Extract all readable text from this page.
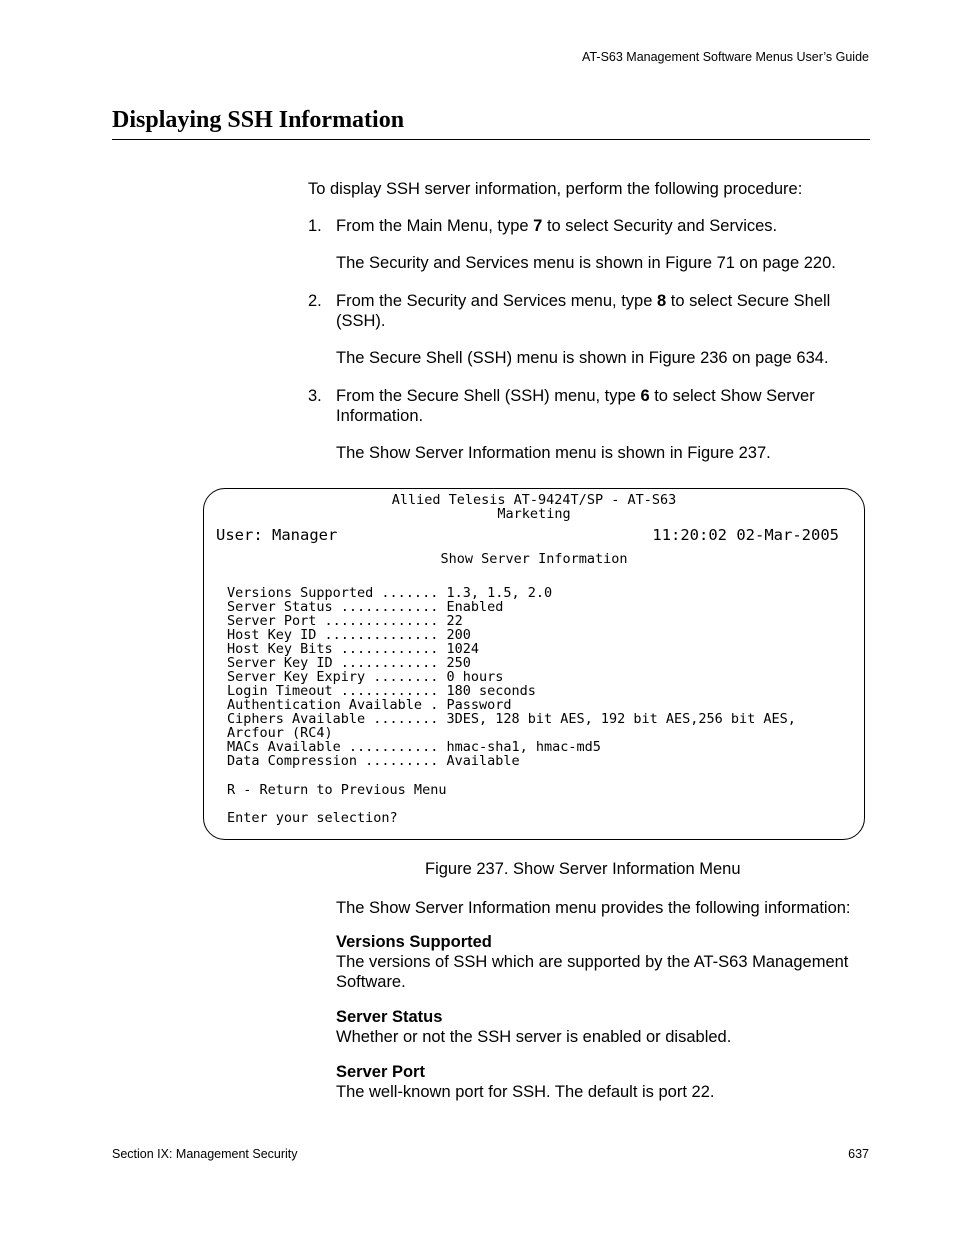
AT-S63 Management Software Menus User’s Guide
Displaying SSH Information
To display SSH server information, perform the following procedure:
1. From the Main Menu, type 7 to select Security and Services.
The Security and Services menu is shown in Figure 71 on page 220.
2. From the Security and Services menu, type 8 to select Secure Shell (SSH).
The Secure Shell (SSH) menu is shown in Figure 236 on page 634.
3. From the Secure Shell (SSH) menu, type 6 to select Show Server Information.
The Show Server Information menu is shown in Figure 237.
Allied Telesis AT-9424T/SP - AT-S63
Marketing
User: Manager	11:20:02 02-Mar-2005
Show Server Information
Versions Supported ....... 1.3, 1.5, 2.0
Server Status ............ Enabled
Server Port .............. 22
Host Key ID .............. 200
Host Key Bits ............ 1024
Server Key ID ............ 250
Server Key Expiry ........ 0 hours
Login Timeout ............ 180 seconds
Authentication Available . Password
Ciphers Available ........ 3DES, 128 bit AES, 192 bit AES,256 bit AES,
Arcfour (RC4)
MACs Available ........... hmac-sha1, hmac-md5
Data Compression ......... Available
R - Return to Previous Menu
Enter your selection?
Figure 237. Show Server Information Menu
The Show Server Information menu provides the following information:
Versions Supported
The versions of SSH which are supported by the AT-S63 Management Software.
Server Status
Whether or not the SSH server is enabled or disabled.
Server Port
The well-known port for SSH. The default is port 22.
Section IX: Management Security	637
